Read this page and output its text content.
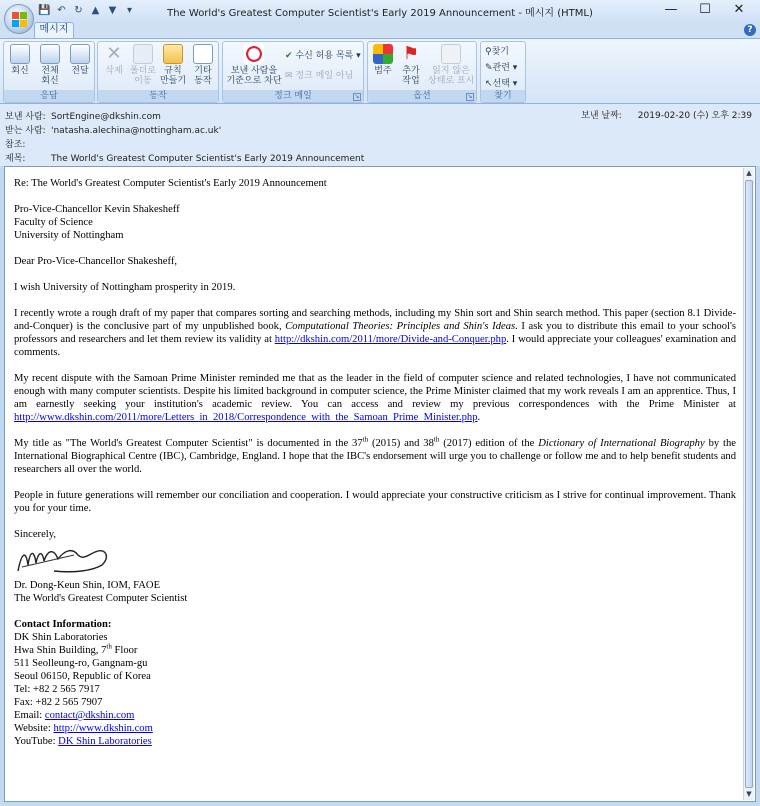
💾 ↶ ↻ ▲ ▼	▾	The World's Greatest Computer Scientist's Early 2019 Announcement - 메시지 (HTML)	—	☐	✕
메시지	?
회신	전체
회신
전달
응답
✕
삭제 폴더로
이동
규칙
만들기
기타
동작
동작
보낸 사람을
기준으로 차단
✔ 수신 허용 목록 ▾
✉ 정크 메일 아님
정크 메일	↘
범주
⚑
추가
작업
읽지 않은
상태로 표시
옵션	↘
⚲찾기
✎관련 ▾
↖선택 ▾
찾기
보낸 사람: SortEngine@dkshin.com
받는 사람: 'natasha.alechina@nottingham.ac.uk'
참조:
제목:	The World's Greatest Computer Scientist's Early 2019 Announcement
보낸 날짜: 2019-02-20 (수) 오후 2:39

Re: The World's Greatest Computer Scientist's Early 2019 Announcement

Pro-Vice-Chancellor Kevin Shakesheff
Faculty of Science
University of Nottingham

Dear Pro-Vice-Chancellor Shakesheff,

I wish University of Nottingham prosperity in 2019.

I recently wrote a rough draft of my paper that compares sorting and searching methods, including my Shin sort and Shin search method. This paper (section 8.1 Divide-and-Conquer) is the conclusive part of my unpublished book, Computational Theories: Principles and Shin's Ideas. I ask you to distribute this email to your school's professors and researchers and let them review its validity at http://dkshin.com/2011/more/Divide-and-Conquer.php. I would appreciate your colleagues' examination and comments.

My recent dispute with the Samoan Prime Minister reminded me that as the leader in the field of computer science and related technologies, I have not communicated enough with many computer scientists. Despite his limited background in computer science, the Prime Minister claimed that my work reveals I am an apprentice. Thus, I am earnestly seeking your institution's academic review. You can access and review my previous correspondences with the Prime Minister at http://www.dkshin.com/2011/more/Letters_in_2018/Correspondence_with_the_Samoan_Prime_Minister.php.

My title as "The World's Greatest Computer Scientist" is documented in the 37th (2015) and 38th (2017) edition of the Dictionary of International Biography by the International Biographical Centre (IBC), Cambridge, England. I hope that the IBC's endorsement will urge you to challenge or follow me and to help benefit students and researchers all over the world.

People in future generations will remember our conciliation and cooperation. I would appreciate your constructive criticism as I strive for continual improvement. Thank you for your time.

Sincerely,
Dr. Dong-Keun Shin, IOM, FAOE
The World's Greatest Computer Scientist
Contact Information:
DK Shin Laboratories
Hwa Shin Building, 7th Floor
511 Seolleung-ro, Gangnam-gu
Seoul 06150, Republic of Korea
Tel: +82 2 565 7917
Fax: +82 2 565 7907
Email: contact@dkshin.com
Website: http://www.dkshin.com
YouTube: DK Shin Laboratories
▲
▼
